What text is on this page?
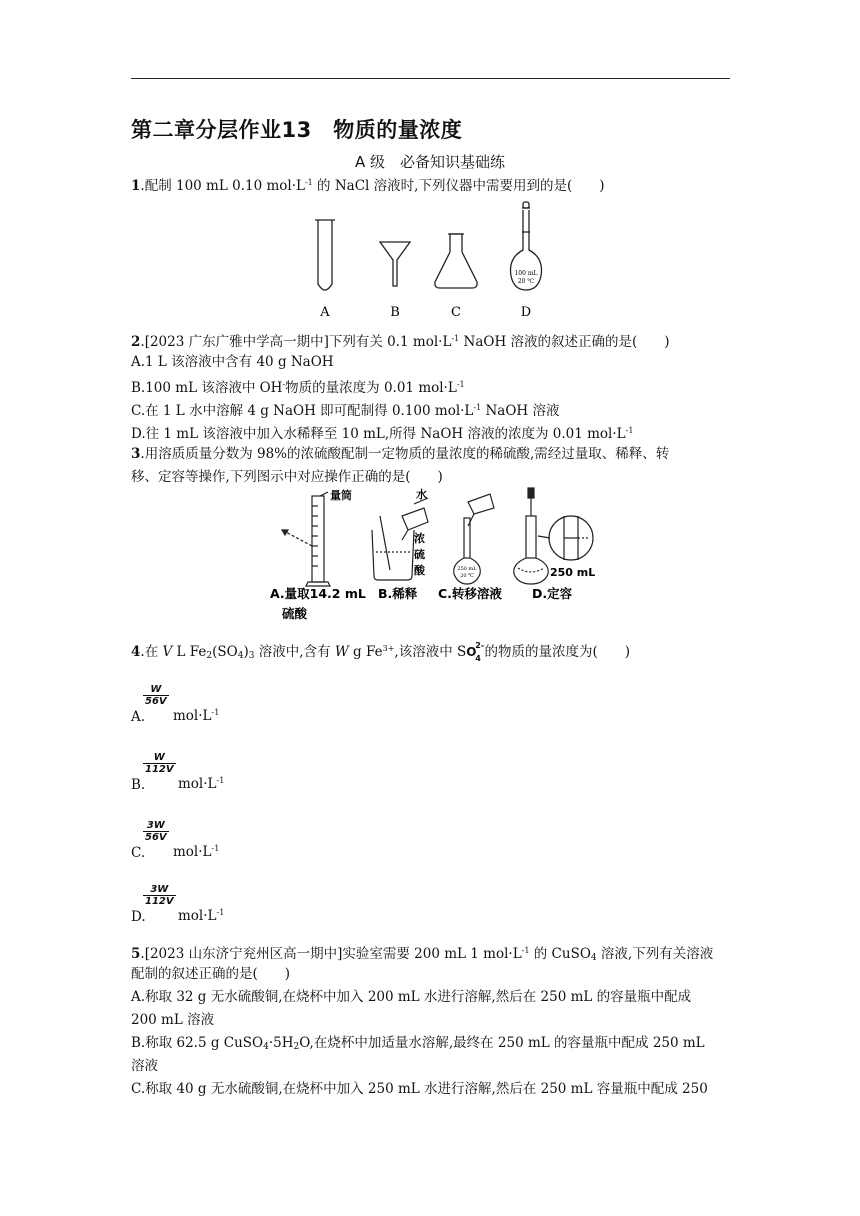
第二章分层作业13　物质的量浓度
A 级　必备知识基础练
1.配制 100 mL 0.10 $mol\cdot L^{-1}$ 的 NaCl 溶液时,下列仪器中需要用到的是(　　)
100 mL
20 ℃
A	B	C	D
2.[2023 广东广雅中学高一期中]下列有关 0.1 $mol\cdot L^{-1}$ NaOH 溶液的叙述正确的是(　　)
A.1 L 该溶液中含有 40 g NaOH
B.100 mL 该溶液中 OH-物质的量浓度为 0.01 $mol\cdot L^{-1}$
C.在 1 L 水中溶解 4 g NaOH 即可配制得 0.100 $mol\cdot L^{-1}$ NaOH 溶液
D.往 1 mL 该溶液中加入水稀释至 10 mL,所得 NaOH 溶液的浓度为 0.01 $mol\cdot L^{-1}$
3.用溶质质量分数为 98%的浓硫酸配制一定物质的量浓度的稀硫酸,需经过量取、稀释、转
移、定容等操作,下列图示中对应操作正确的是(　　)
量筒	水
浓
硫
酸	250 mL
20 ℃	250 mL
A.量取14.2 mL
硫酸
B.稀释 C.转移溶液 D.定容
4.在 V L $Fe_2(SO_4)_3$ 溶液中,含有 W g $Fe^{3+}$,该溶液中 SO
2-
4 的物质的量浓度为(　　)
$\frac{W}{56V}$
A. $mol\cdot L^{-1}$
$\frac{W}{112V}$
B. $mol\cdot L^{-1}$
$\frac{3W}{56V}$
C. $mol\cdot L^{-1}$
$\frac{3W}{112V}$
D. $mol\cdot L^{-1}$
5.[2023 山东济宁兖州区高一期中]实验室需要 200 mL 1 $mol\cdot L^{-1}$ 的 CuSO$_4$ 溶液,下列有关溶液
配制的叙述正确的是(　　)
A.称取 32 g 无水硫酸铜,在烧杯中加入 200 mL 水进行溶解,然后在 250 mL 的容量瓶中配成
200 mL 溶液
B.称取 62.5 g $CuSO_4\cdot 5H_2O$,在烧杯中加适量水溶解,最终在 250 mL 的容量瓶中配成 250 mL
溶液
C.称取 40 g 无水硫酸铜,在烧杯中加入 250 mL 水进行溶解,然后在 250 mL 容量瓶中配成 250
